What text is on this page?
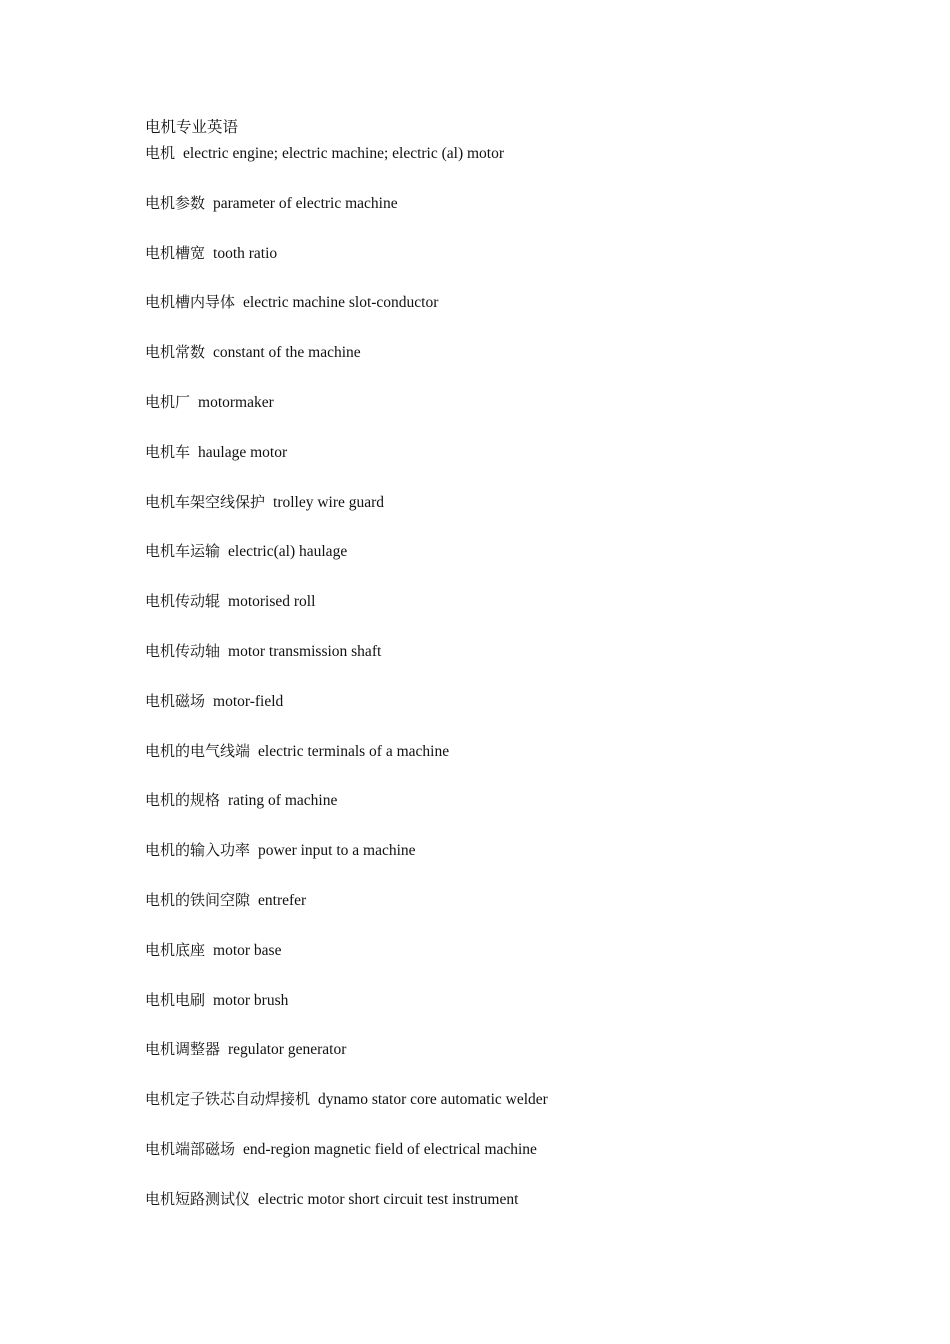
电机专业英语
电机 electric engine; electric machine; electric (al) motor
电机参数 parameter of electric machine
电机槽宽 tooth ratio
电机槽内导体 electric machine slot-conductor
电机常数 constant of the machine
电机厂 motormaker
电机车 haulage motor
电机车架空线保护 trolley wire guard
电机车运输 electric(al) haulage
电机传动辊 motorised roll
电机传动轴 motor transmission shaft
电机磁场 motor-field
电机的电气线端 electric terminals of a machine
电机的规格 rating of machine
电机的输入功率 power input to a machine
电机的铁间空隙 entrefer
电机底座 motor base
电机电刷 motor brush
电机调整器 regulator generator
电机定子铁芯自动焊接机 dynamo stator core automatic welder
电机端部磁场 end-region magnetic field of electrical machine
电机短路测试仪 electric motor short circuit test instrument
